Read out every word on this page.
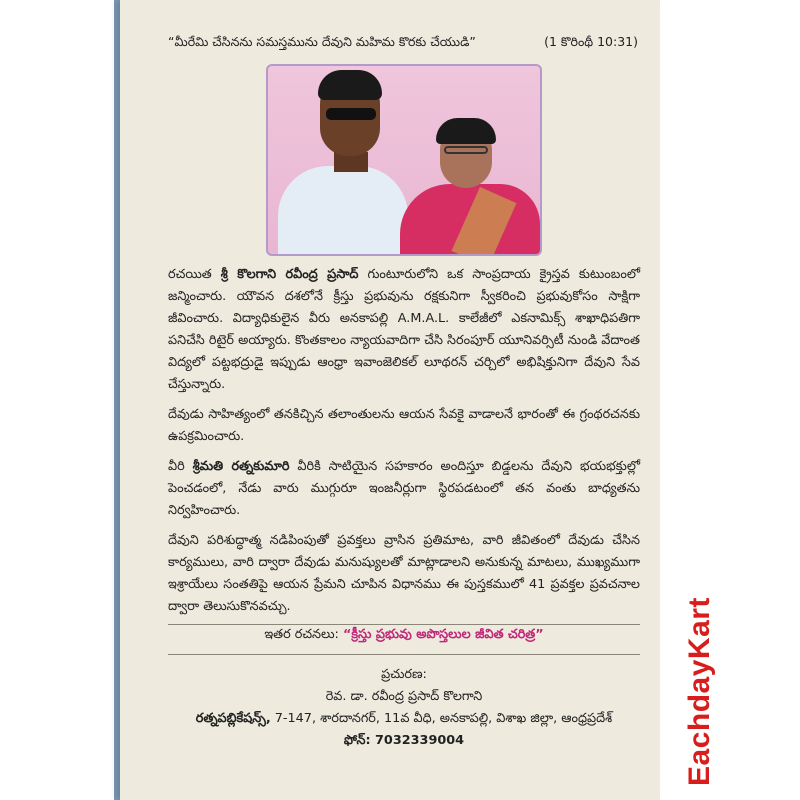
“మీరేమి చేసినను సమస్తమును దేవుని మహిమ కొరకు చేయుడి”	(1 కొరింథీ 10:31)

రచయిత శ్రీ కొలగాని రవీంద్ర ప్రసాద్ గుంటూరులోని ఒక సాంప్రదాయ క్రైస్తవ కుటుంబంలో జన్మించారు. యౌవన దశలోనే క్రీస్తు ప్రభువును రక్షకునిగా స్వీకరించి ప్రభువుకోసం సాక్షిగా జీవించారు. విద్యాధికులైన వీరు అనకాపల్లి A.M.A.L. కాలేజీలో ఎకనామిక్స్ శాఖాధిపతిగా పనిచేసి రిటైర్ అయ్యారు. కొంతకాలం న్యాయవాదిగా చేసి సిరంపూర్ యూనివర్సిటీ నుండి వేదాంత విద్యలో పట్టభద్రుడై ఇప్పుడు ఆంధ్రా ఇవాంజెలికల్ లూథరన్ చర్చిలో అభిషిక్తునిగా దేవుని సేవ చేస్తున్నారు.

దేవుడు సాహిత్యంలో తనకిచ్చిన తలాంతులను ఆయన సేవకై వాడాలనే భారంతో ఈ గ్రంథరచనకు ఉపక్రమించారు.

వీరి శ్రీమతి రత్నకుమారి వీరికి సాటియైన సహకారం అందిస్తూ బిడ్డలను దేవుని భయభక్తుల్లో పెంచడంలో, నేడు వారు ముగ్గురూ ఇంజనీర్లుగా స్థిరపడటంలో తన వంతు బాధ్యతను నిర్వహించారు.

దేవుని పరిశుద్ధాత్మ నడిపింపుతో ప్రవక్తలు వ్రాసిన ప్రతిమాట, వారి జీవితంలో దేవుడు చేసిన కార్యములు, వారి ద్వారా దేవుడు మనుష్యులతో మాట్లాడాలని అనుకున్న మాటలు, ముఖ్యముగా ఇశ్రాయేలు సంతతిపై ఆయన ప్రేమని చూపిన విధానము ఈ పుస్తకములో 41 ప్రవక్తల ప్రవచనాల ద్వారా తెలుసుకొనవచ్చు.

ఇతర రచనలు: “క్రీస్తు ప్రభువు అపొస్తలుల జీవిత చరిత్ర”
ప్రచురణ:
రెవ. డా. రవీంద్ర ప్రసాద్ కొలగాని
రత్నపబ్లికేషన్స్, 7-147, శారదానగర్, 11వ వీధి, అనకాపల్లి, విశాఖ జిల్లా, ఆంధ్రప్రదేశ్
ఫోన్: 7032339004	EachdayKart
